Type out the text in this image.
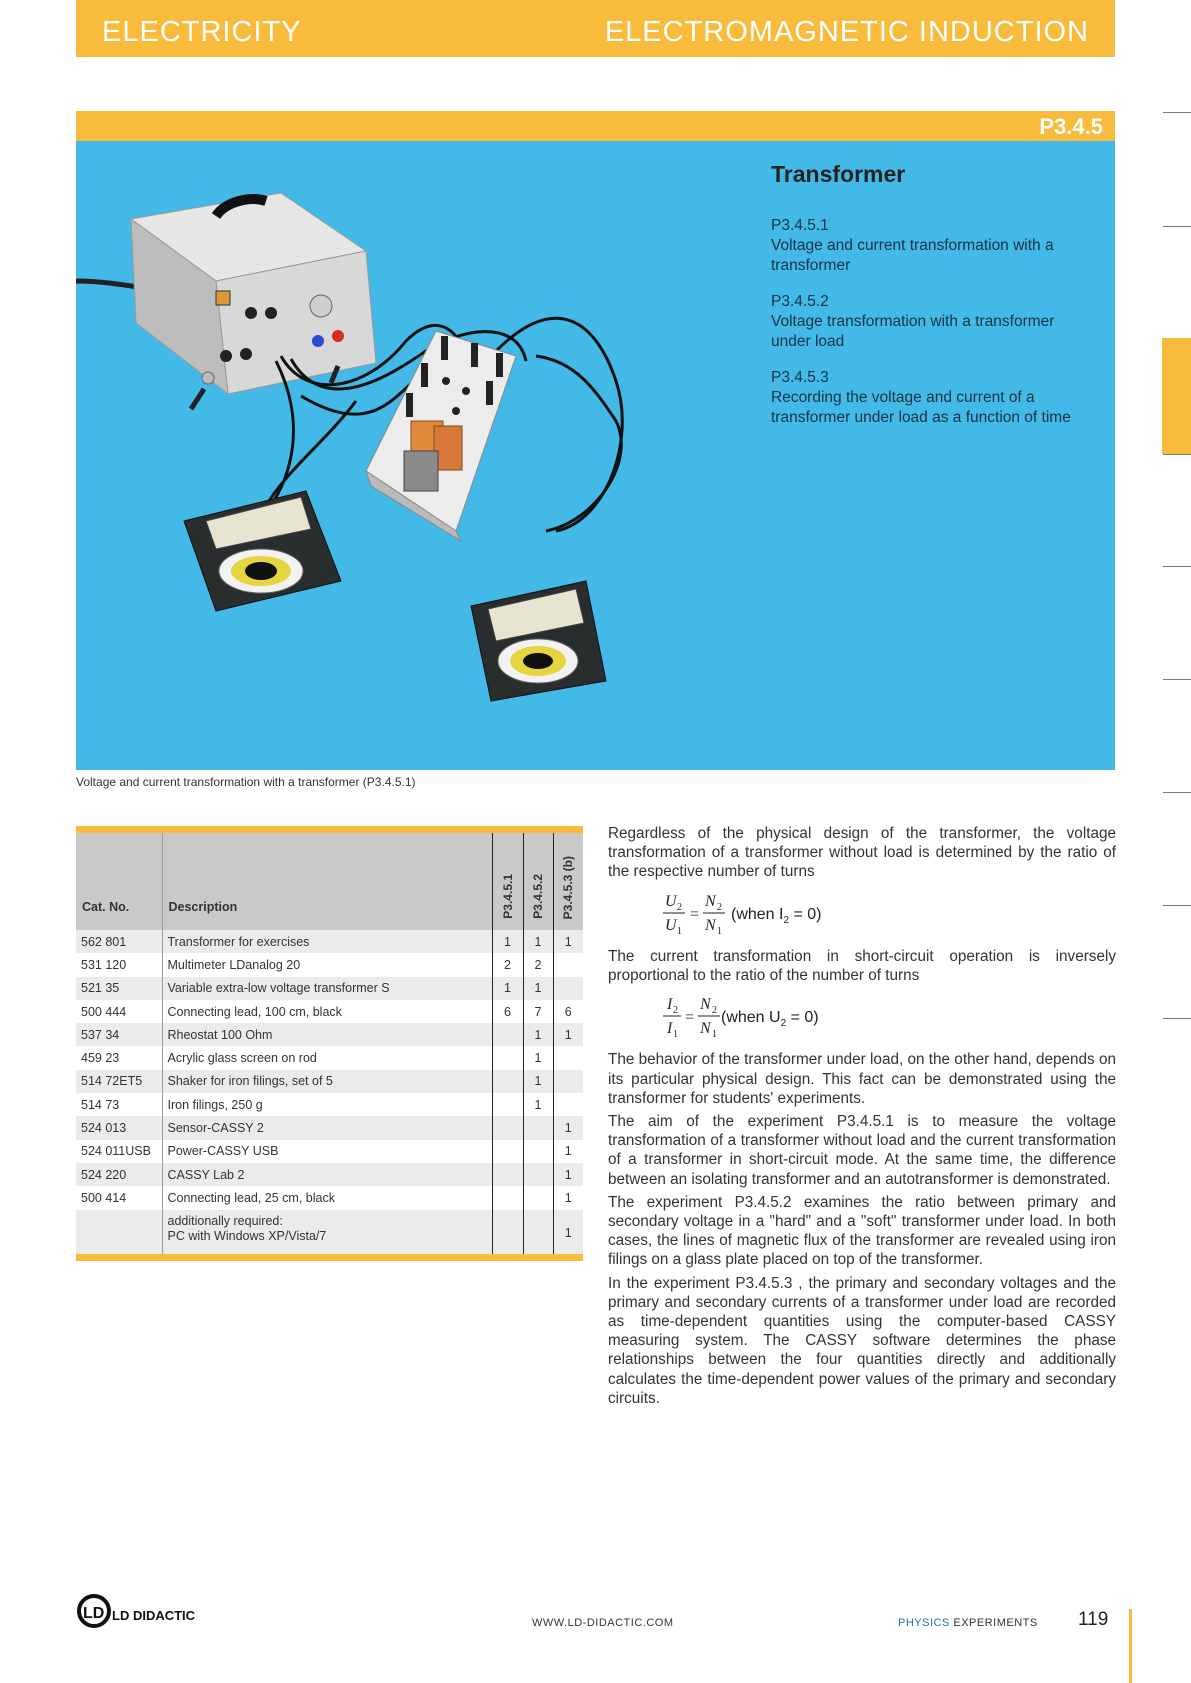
ELECTRICITY	ELECTROMAGNETIC INDUCTION
P3.4.5
Transformer
P3.4.5.1
Voltage and current transformation with a transformer
P3.4.5.2
Voltage transformation with a transformer under load
P3.4.5.3
Recording the voltage and current of a transformer under load as a function of time
Voltage and current transformation with a transformer (P3.4.5.1)
Cat. No.	Description	P3.4.5.1	P3.4.5.2	P3.4.5.3 (b)
562 801	Transformer for exercises	1	1	1
531 120	Multimeter LDanalog 20	2	2	
521 35	Variable extra-low voltage transformer S	1	1	
500 444	Connecting lead, 100 cm, black	6	7	6
537 34	Rheostat 100 Ohm		1	1
459 23	Acrylic glass screen on rod		1	
514 72ET5	Shaker for iron filings, set of 5		1	
514 73	Iron filings, 250 g		1	
524 013	Sensor-CASSY 2			1
524 011USB	Power-CASSY USB			1
524 220	CASSY Lab 2			1
500 414	Connecting lead, 25 cm, black			1

	additionally required:
PC with Windows XP/Vista/7			1

Regardless of the physical design of the transformer, the voltage transformation of a transformer without load is determined by the ratio of the respective number of turns

U 2
U 1
=
N 2
N 1
(when $I_2 = 0$)

The current transformation in short-circuit operation is inversely proportional to the ratio of the number of turns

I 2
I 1
=
N 2
N 1
(when $U_2 = 0$)

The behavior of the transformer under load, on the other hand, depends on its particular physical design. This fact can be demonstrated using the transformer for students' experiments.

The aim of the experiment P3.4.5.1 is to measure the voltage transformation of a transformer without load and the current transformation of a transformer in short-circuit mode. At the same time, the difference between an isolating transformer and an autotransformer is demonstrated.

The experiment P3.4.5.2 examines the ratio between primary and secondary voltage in a "hard" and a "soft" transformer under load. In both cases, the lines of magnetic flux of the transformer are revealed using iron filings on a glass plate placed on top of the transformer.

In the experiment P3.4.5.3 , the primary and secondary voltages and the primary and secondary currents of a transformer under load are recorded as time-dependent quantities using the computer-based CASSY measuring system. The CASSY software determines the phase relationships between the four quantities directly and additionally calculates the time-dependent power values of the primary and secondary circuits.

LD LD DIDACTIC	WWW.LD-DIDACTIC.COM	PHYSICS EXPERIMENTS 119
